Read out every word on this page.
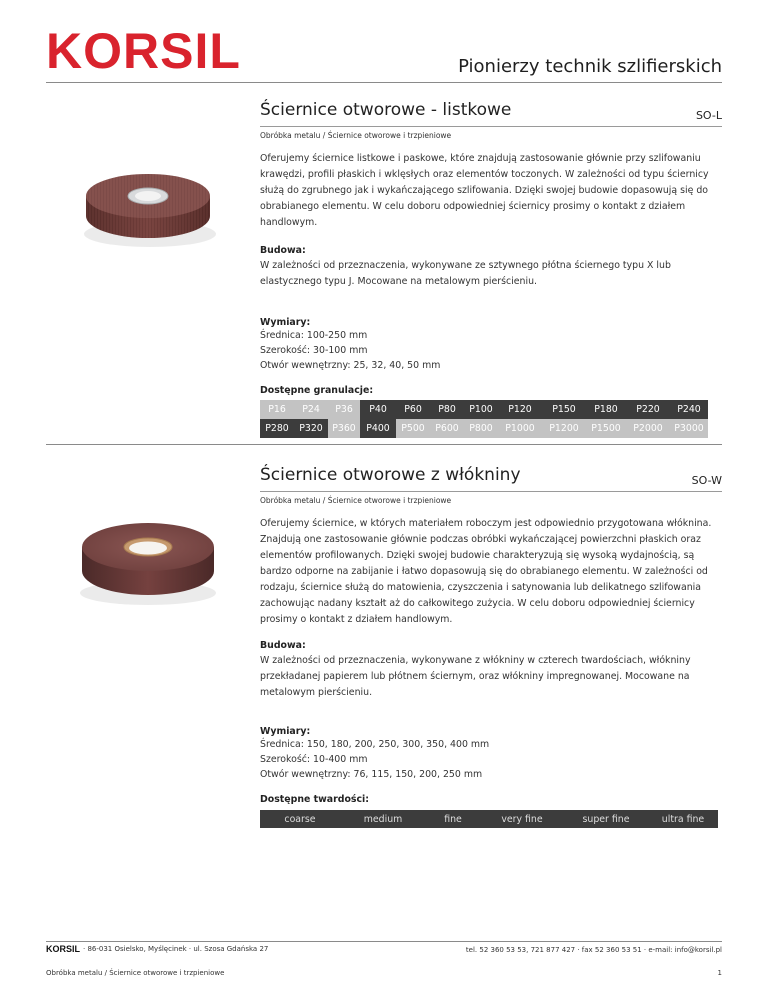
KORSIL	Pionierzy technik szlifierskich
Ściernice otworowe - listkowe	SO-L
Obróbka metalu / Ściernice otworowe i trzpieniowe
Oferujemy ściernice listkowe i paskowe, które znajdują zastosowanie głównie przy szlifowaniu krawędzi, profili płaskich i wklęsłych oraz elementów toczonych. W zależności od typu ściernicy służą do zgrubnego jak i wykańczającego szlifowania. Dzięki swojej budowie dopasowują się do obrabianego elementu. W celu doboru odpowiedniej ściernicy prosimy o kontakt z działem handlowym.
Budowa:
W zależności od przeznaczenia, wykonywane ze sztywnego płótna ściernego typu X lub elastycznego typu J. Mocowane na metalowym pierścieniu.
Wymiary:
Średnica: 100-250 mm
Szerokość: 30-100 mm
Otwór wewnętrzny: 25, 32, 40, 50 mm
Dostępne granulacje:
P16	P24	P36	P40	P60	P80	P100	P120	P150	P180	P220	P240
P280	P320	P360	P400	P500	P600	P800	P1000	P1200	P1500	P2000	P3000
Ściernice otworowe z włókniny	SO-W
Obróbka metalu / Ściernice otworowe i trzpieniowe
Oferujemy ściernice, w których materiałem roboczym jest odpowiednio przygotowana włóknina. Znajdują one zastosowanie głównie podczas obróbki wykańczającej powierzchni płaskich oraz elementów profilowanych. Dzięki swojej budowie charakteryzują się wysoką wydajnością, są bardzo odporne na zabijanie i łatwo dopasowują się do obrabianego elementu. W zależności od rodzaju, ściernice służą do matowienia, czyszczenia i satynowania lub delikatnego szlifowania zachowując nadany kształt aż do całkowitego zużycia. W celu doboru odpowiedniej ściernicy prosimy o kontakt z działem handlowym.
Budowa:
W zależności od przeznaczenia, wykonywane z włókniny w czterech twardościach, włókniny przekładanej papierem lub płótnem ściernym, oraz włókniny impregnowanej. Mocowane na metalowym pierścieniu.
Wymiary:
Średnica: 150, 180, 200, 250, 300, 350, 400 mm
Szerokość: 10-400 mm
Otwór wewnętrzny: 76, 115, 150, 200, 250 mm
Dostępne twardości:
coarse	medium	fine	very fine	super fine	ultra fine
KORSIL · 86-031 Osielsko, Myślęcinek · ul. Szosa Gdańska 27	tel. 52 360 53 53, 721 877 427 · fax 52 360 53 51 · e-mail: info@korsil.pl
Obróbka metalu / Ściernice otworowe i trzpieniowe	1
